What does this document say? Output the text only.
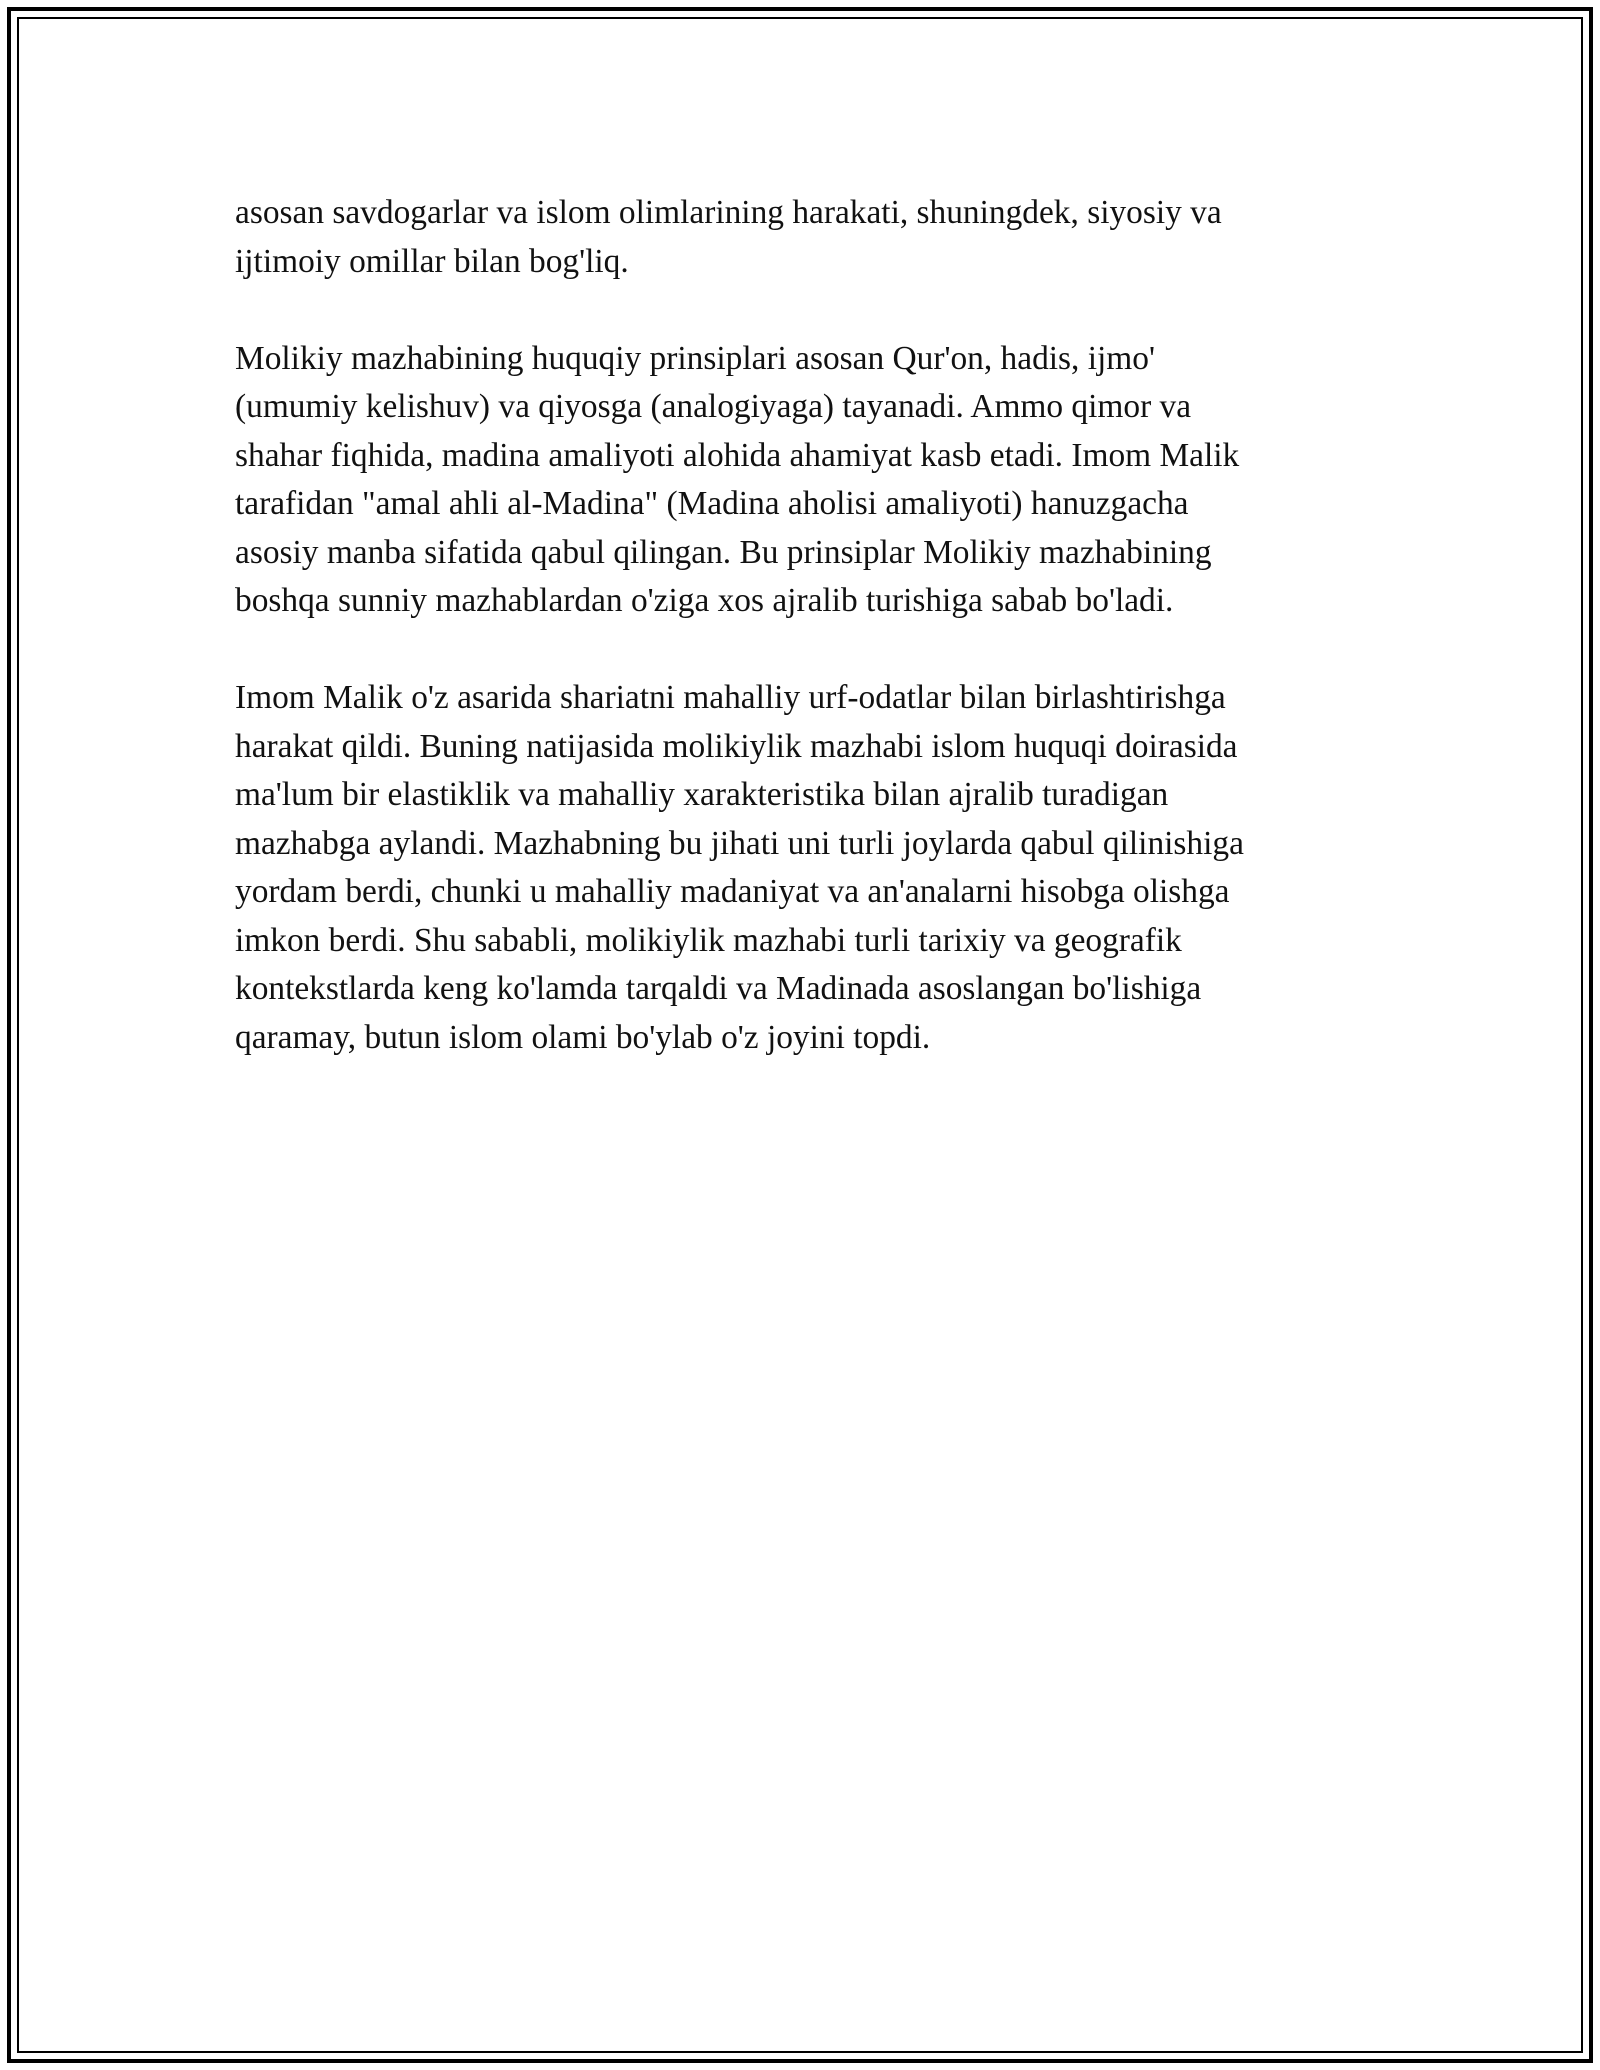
asosan savdogarlar va islom olimlarining harakati, shuningdek, siyosiy va
ijtimoiy omillar bilan bog'liq.

Molikiy mazhabining huquqiy prinsiplari asosan Qur'on, hadis, ijmo'
(umumiy kelishuv) va qiyosga (analogiyaga) tayanadi. Ammo qimor va
shahar fiqhida, madina amaliyoti alohida ahamiyat kasb etadi. Imom Malik
tarafidan "amal ahli al-Madina" (Madina aholisi amaliyoti) hanuzgacha
asosiy manba sifatida qabul qilingan. Bu prinsiplar Molikiy mazhabining
boshqa sunniy mazhablardan o'ziga xos ajralib turishiga sabab bo'ladi.

Imom Malik o'z asarida shariatni mahalliy urf-odatlar bilan birlashtirishga
harakat qildi. Buning natijasida molikiylik mazhabi islom huquqi doirasida
ma'lum bir elastiklik va mahalliy xarakteristika bilan ajralib turadigan
mazhabga aylandi. Mazhabning bu jihati uni turli joylarda qabul qilinishiga
yordam berdi, chunki u mahalliy madaniyat va an'analarni hisobga olishga
imkon berdi. Shu sababli, molikiylik mazhabi turli tarixiy va geografik
kontekstlarda keng ko'lamda tarqaldi va Madinada asoslangan bo'lishiga
qaramay, butun islom olami bo'ylab o'z joyini topdi.
